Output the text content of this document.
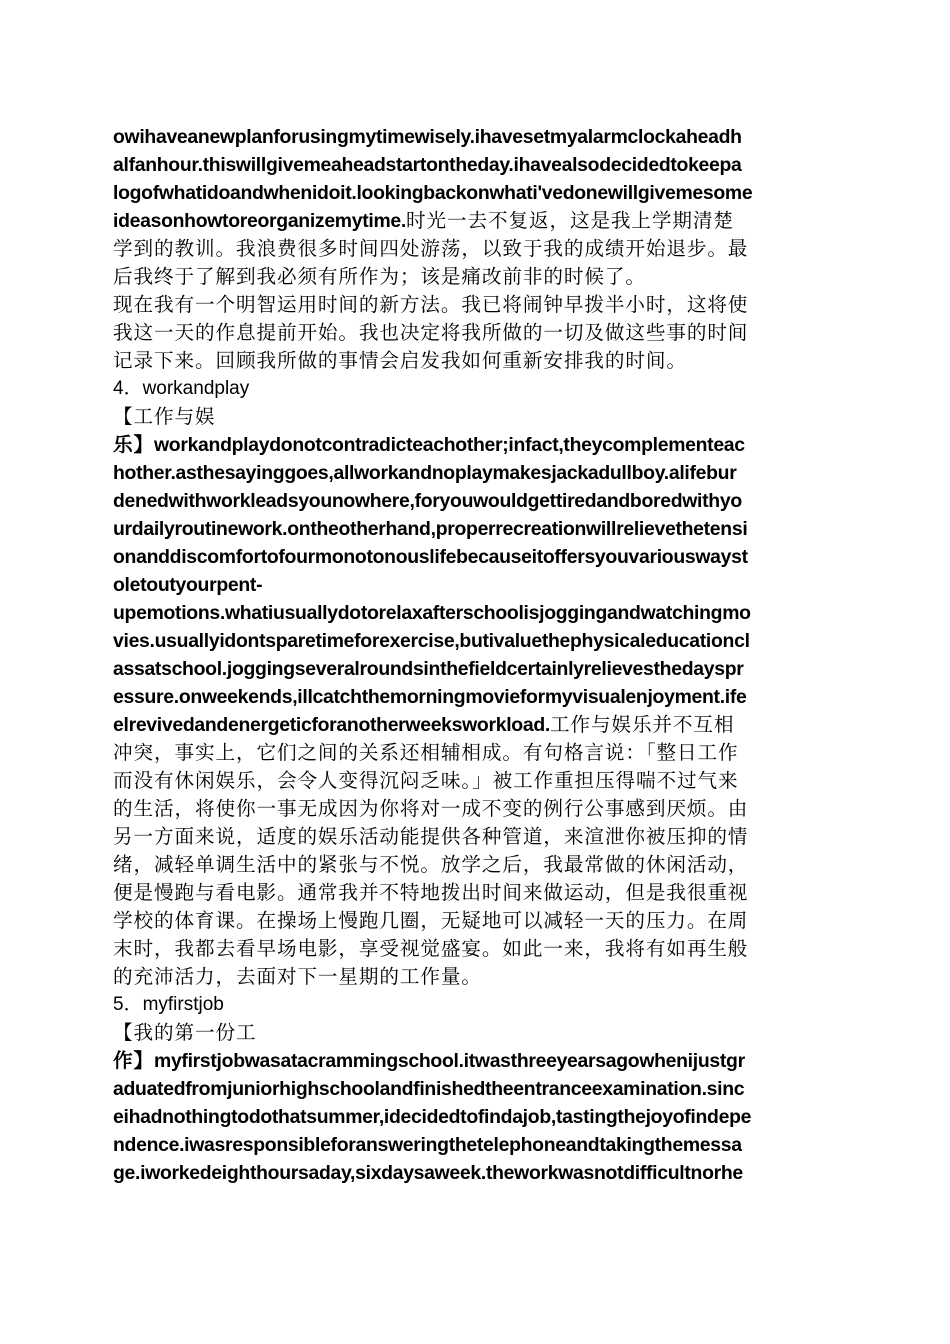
owihaveanewplanforusingmytimewisely.ihavesetmyalarmclockaheadh
alfanhour.thiswillgivemeaheadstartontheday.ihavealsodecidedtokeepa
logofwhatidoandwhenidoit.lookingbackonwhati'vedonewillgivemesome
ideasonhowtoreorganizemytime.时光一去不复返，这是我上学期清楚
学到的教训。我浪费很多时间四处游荡，以致于我的成绩开始退步。最
后我终于了解到我必须有所作为；该是痛改前非的时候了。
现在我有一个明智运用时间的新方法。我已将闹钟早拨半小时，这将使
我这一天的作息提前开始。我也决定将我所做的一切及做这些事的时间
记录下来。回顾我所做的事情会启发我如何重新安排我的时间。
4．workandplay
【工作与娱
乐】workandplaydonotcontradicteachother;infact,theycomplementeac
hother.asthesayinggoes,allworkandnoplaymakesjackadullboy.alifebur
denedwithworkleadsyounowhere,foryouwouldgettiredandboredwithyo
urdailyroutinework.ontheotherhand,properrecreationwillrelievethetensi
onanddiscomfortofourmonotonouslifebecauseitoffersyouvariouswayst
oletoutyourpent-
upemotions.whatiusuallydotorelaxafterschoolisjoggingandwatchingmo
vies.usuallyidontsparetimeforexercise,butivaluethephysicaleducationcl
assatschool.joggingseveralroundsinthefieldcertainlyrelievesthedayspr
essure.onweekends,illcatchthemorningmovieformyvisualenjoyment.ife
elrevivedandenergeticforanotherweeksworkload.工作与娱乐并不互相
冲突，事实上，它们之间的关系还相辅相成。有句格言说：「整日工作
而没有休闲娱乐，会令人变得沉闷乏味。」被工作重担压得喘不过气来
的生活，将使你一事无成因为你将对一成不变的例行公事感到厌烦。由
另一方面来说，适度的娱乐活动能提供各种管道，来渲泄你被压抑的情
绪，减轻单调生活中的紧张与不悦。放学之后，我最常做的休闲活动，
便是慢跑与看电影。通常我并不特地拨出时间来做运动，但是我很重视
学校的体育课。在操场上慢跑几圈，无疑地可以减轻一天的压力。在周
末时，我都去看早场电影，享受视觉盛宴。如此一来，我将有如再生般
的充沛活力，去面对下一星期的工作量。
5．myfirstjob
【我的第一份工
作】myfirstjobwasatacrammingschool.itwasthreeyearsagowhenijustgr
aduatedfromjuniorhighschoolandfinishedtheentranceexamination.sinc
eihadnothingtodothatsummer,idecidedtofindajob,tastingthejoyofindepe
ndence.iwasresponsibleforansweringthetelephoneandtakingthemessa
ge.iworkedeighthoursaday,sixdaysaweek.theworkwasnotdifficultnorhe
